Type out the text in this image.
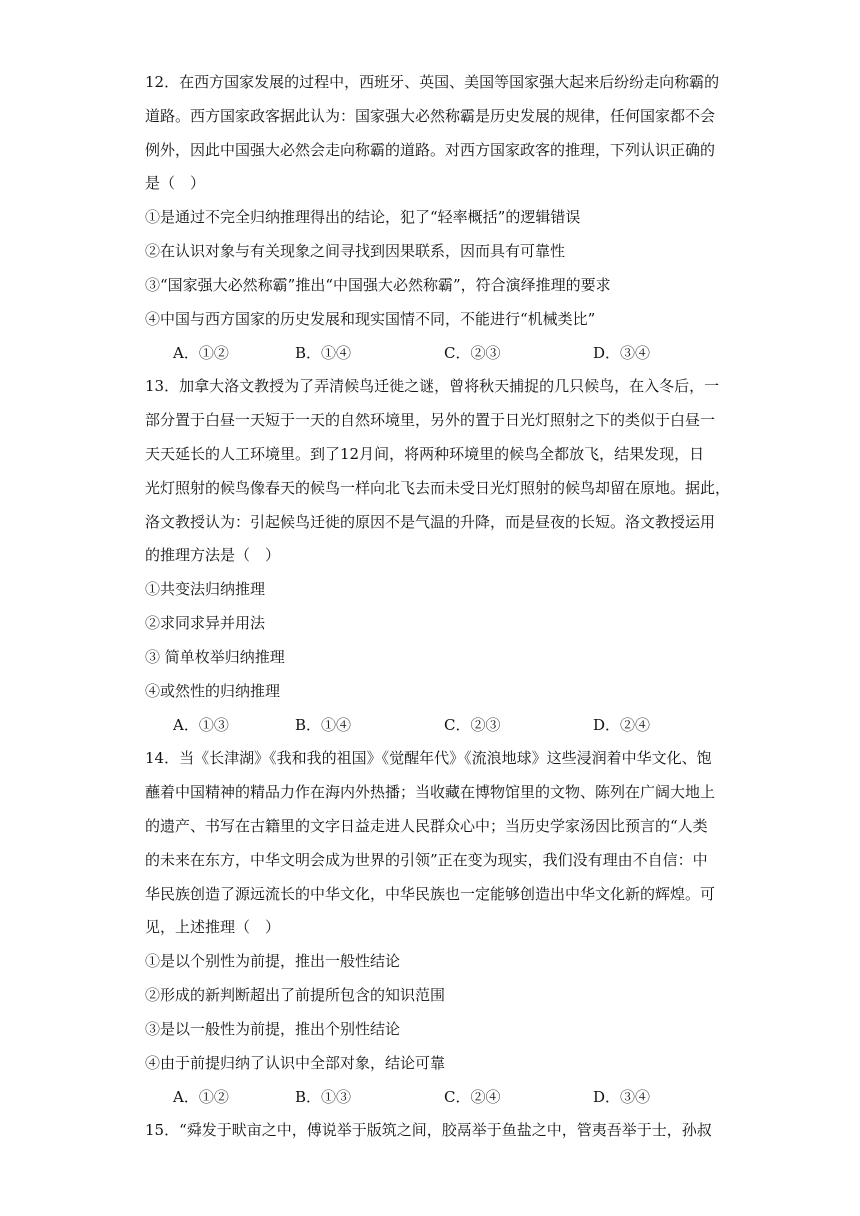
12．在西方国家发展的过程中，西班牙、英国、美国等国家强大起来后纷纷走向称霸的
道路。西方国家政客据此认为：国家强大必然称霸是历史发展的规律，任何国家都不会
例外，因此中国强大必然会走向称霸的道路。对西方国家政客的推理，下列认识正确的
是（　）
①是通过不完全归纳推理得出的结论，犯了“轻率概括”的逻辑错误
②在认识对象与有关现象之间寻找到因果联系，因而具有可靠性
③“国家强大必然称霸”推出“中国强大必然称霸”，符合演绎推理的要求
④中国与西方国家的历史发展和现实国情不同，不能进行“机械类比”
A．①②	B．①④	C．②③	D．③④
13．加拿大洛文教授为了弄清候鸟迁徙之谜，曾将秋天捕捉的几只候鸟，在入冬后，一
部分置于白昼一天短于一天的自然环境里，另外的置于日光灯照射之下的类似于白昼一
天天延长的人工环境里。到了12月间，将两种环境里的候鸟全都放飞，结果发现，日
光灯照射的候鸟像春天的候鸟一样向北飞去而未受日光灯照射的候鸟却留在原地。据此，
洛文教授认为：引起候鸟迁徙的原因不是气温的升降，而是昼夜的长短。洛文教授运用
的推理方法是（　）
①共变法归纳推理
②求同求异并用法
③ 简单枚举归纳推理
④或然性的归纳推理
A．①③	B．①④	C．②③	D．②④
14．当《长津湖》《我和我的祖国》《觉醒年代》《流浪地球》这些浸润着中华文化、饱
蘸着中国精神的精品力作在海内外热播；当收藏在博物馆里的文物、陈列在广阔大地上
的遗产、书写在古籍里的文字日益走进人民群众心中；当历史学家汤因比预言的“人类
的未来在东方，中华文明会成为世界的引领”正在变为现实，我们没有理由不自信：中
华民族创造了源远流长的中华文化，中华民族也一定能够创造出中华文化新的辉煌。可
见，上述推理（　）
①是以个别性为前提，推出一般性结论
②形成的新判断超出了前提所包含的知识范围
③是以一般性为前提，推出个别性结论
④由于前提归纳了认识中全部对象，结论可靠
A．①②	B．①③	C．②④	D．③④
15．“舜发于畎亩之中，傅说举于版筑之间，胶鬲举于鱼盐之中，管夷吾举于士，孙叔
